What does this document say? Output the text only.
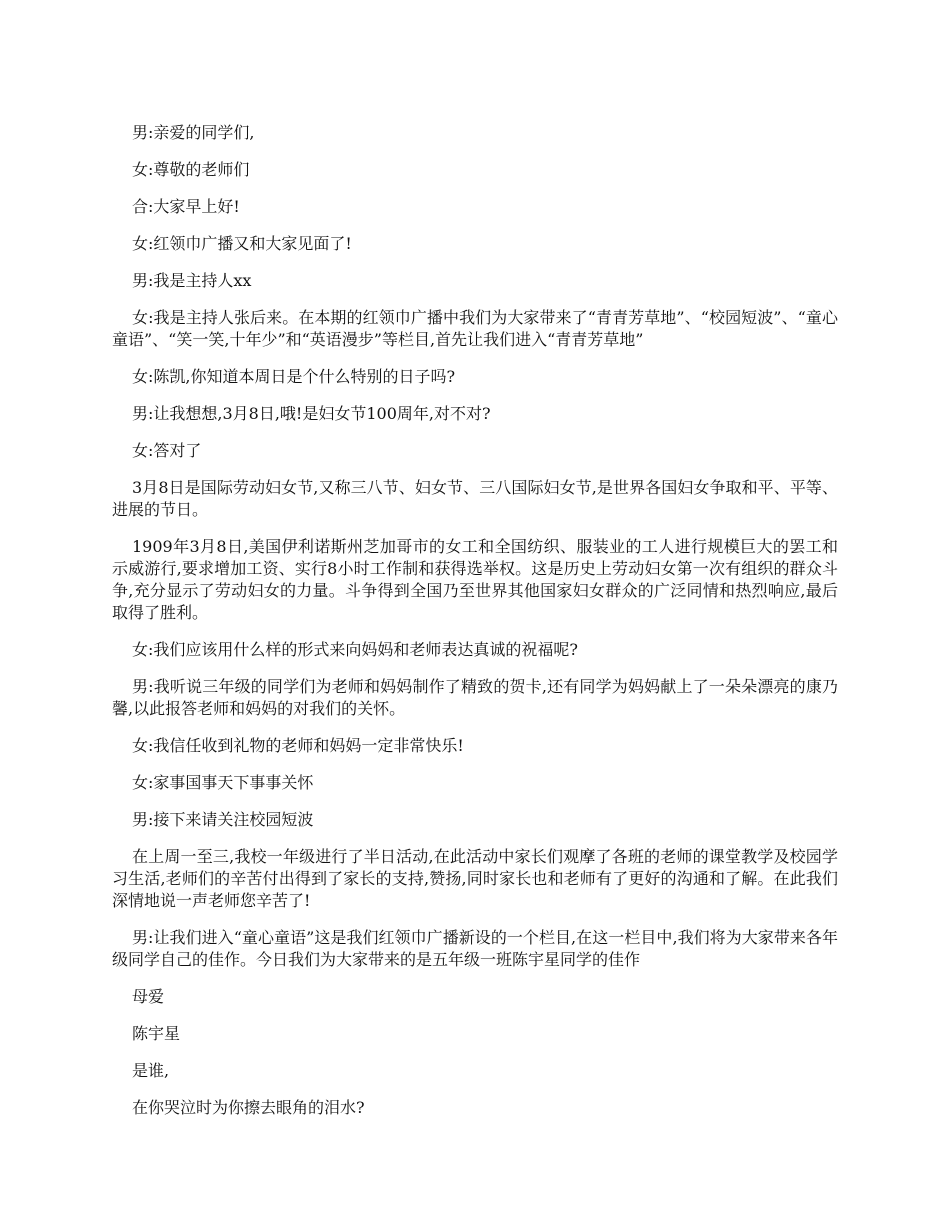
男:亲爱的同学们,

女:尊敬的老师们

合:大家早上好!

女:红领巾广播又和大家见面了!

男:我是主持人xx

女:我是主持人张后来。在本期的红领巾广播中我们为大家带来了“青青芳草地”、“校园短波”、“童心童语”、“笑一笑,十年少”和“英语漫步”等栏目,首先让我们进入“青青芳草地”

女:陈凯,你知道本周日是个什么特别的日子吗?

男:让我想想,3月8日,哦!是妇女节100周年,对不对?

女:答对了

3月8日是国际劳动妇女节,又称三八节、妇女节、三八国际妇女节,是世界各国妇女争取和平、平等、进展的节日。

1909年3月8日,美国伊利诺斯州芝加哥市的女工和全国纺织、服装业的工人进行规模巨大的罢工和示威游行,要求增加工资、实行8小时工作制和获得选举权。这是历史上劳动妇女第一次有组织的群众斗争,充分显示了劳动妇女的力量。斗争得到全国乃至世界其他国家妇女群众的广泛同情和热烈响应,最后取得了胜利。

女:我们应该用什么样的形式来向妈妈和老师表达真诚的祝福呢?

男:我听说三年级的同学们为老师和妈妈制作了精致的贺卡,还有同学为妈妈献上了一朵朵漂亮的康乃馨,以此报答老师和妈妈的对我们的关怀。

女:我信任收到礼物的老师和妈妈一定非常快乐!

女:家事国事天下事事关怀

男:接下来请关注校园短波

在上周一至三,我校一年级进行了半日活动,在此活动中家长们观摩了各班的老师的课堂教学及校园学习生活,老师们的辛苦付出得到了家长的支持,赞扬,同时家长也和老师有了更好的沟通和了解。在此我们深情地说一声老师您辛苦了!

男:让我们进入“童心童语”这是我们红领巾广播新设的一个栏目,在这一栏目中,我们将为大家带来各年级同学自己的佳作。今日我们为大家带来的是五年级一班陈宇星同学的佳作

母爱

陈宇星

是谁,

在你哭泣时为你擦去眼角的泪水?
